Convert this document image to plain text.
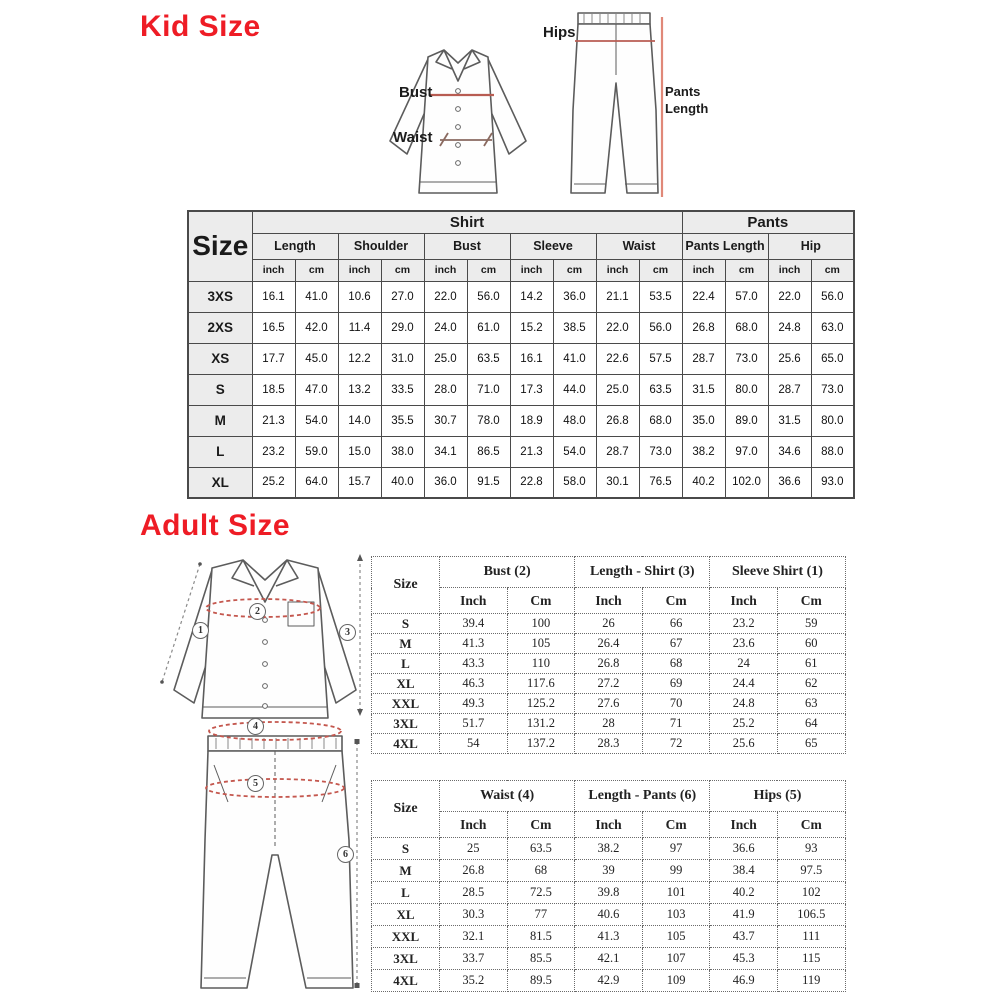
Kid Size
Adult Size
Bust
Waist
Hips
Pants Length
Size	Shirt										Pants			
	Length		Shoulder		Bust		Sleeve		Waist		Pants Length		Hip	
	inch	cm	inch	cm	inch	cm	inch	cm	inch	cm	inch	cm	inch	cm
3XS	16.1	41.0	10.6	27.0	22.0	56.0	14.2	36.0	21.1	53.5	22.4	57.0	22.0	56.0
2XS	16.5	42.0	11.4	29.0	24.0	61.0	15.2	38.5	22.0	56.0	26.8	68.0	24.8	63.0
XS	17.7	45.0	12.2	31.0	25.0	63.5	16.1	41.0	22.6	57.5	28.7	73.0	25.6	65.0
S	18.5	47.0	13.2	33.5	28.0	71.0	17.3	44.0	25.0	63.5	31.5	80.0	28.7	73.0
M	21.3	54.0	14.0	35.5	30.7	78.0	18.9	48.0	26.8	68.0	35.0	89.0	31.5	80.0
L	23.2	59.0	15.0	38.0	34.1	86.5	21.3	54.0	28.7	73.0	38.2	97.0	34.6	88.0
XL	25.2	64.0	15.7	40.0	36.0	91.5	22.8	58.0	30.1	76.5	40.2	102.0	36.6	93.0
1
2
3
4
5
6
Size	Bust (2)		Length - Shirt (3)		Sleeve Shirt (1)	
	Inch	Cm	Inch	Cm	Inch	Cm
S	39.4	100	26	66	23.2	59
M	41.3	105	26.4	67	23.6	60
L	43.3	110	26.8	68	24	61
XL	46.3	117.6	27.2	69	24.4	62
XXL	49.3	125.2	27.6	70	24.8	63
3XL	51.7	131.2	28	71	25.2	64
4XL	54	137.2	28.3	72	25.6	65
Size	Waist (4)		Length - Pants (6)		Hips (5)	
	Inch	Cm	Inch	Cm	Inch	Cm
S	25	63.5	38.2	97	36.6	93
M	26.8	68	39	99	38.4	97.5
L	28.5	72.5	39.8	101	40.2	102
XL	30.3	77	40.6	103	41.9	106.5
XXL	32.1	81.5	41.3	105	43.7	111
3XL	33.7	85.5	42.1	107	45.3	115
4XL	35.2	89.5	42.9	109	46.9	119
